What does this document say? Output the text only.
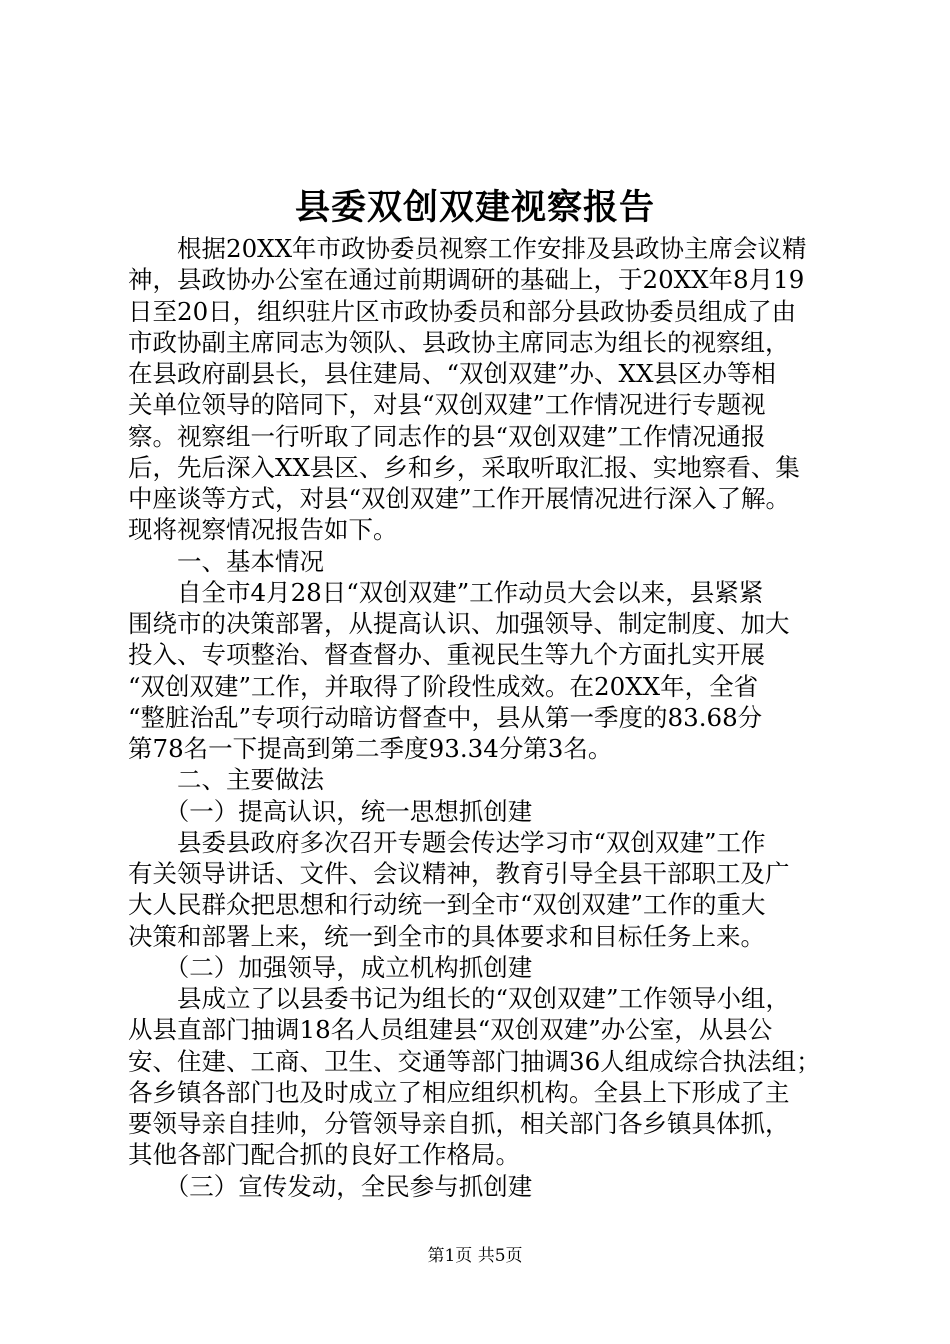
县委双创双建视察报告

　　根据20XX年市政协委员视察工作安排及县政协主席会议精

神，县政协办公室在通过前期调研的基础上，于20XX年8月19

日至20日，组织驻片区市政协委员和部分县政协委员组成了由

市政协副主席同志为领队、县政协主席同志为组长的视察组，

在县政府副县长，县住建局、“双创双建”办、XX县区办等相

关单位领导的陪同下，对县“双创双建”工作情况进行专题视

察。视察组一行听取了同志作的县“双创双建”工作情况通报

后，先后深入XX县区、乡和乡，采取听取汇报、实地察看、集

中座谈等方式，对县“双创双建”工作开展情况进行深入了解。

现将视察情况报告如下。

　　一、基本情况

　　自全市4月28日“双创双建”工作动员大会以来，县紧紧

围绕市的决策部署，从提高认识、加强领导、制定制度、加大

投入、专项整治、督查督办、重视民生等九个方面扎实开展

“双创双建”工作，并取得了阶段性成效。在20XX年，全省

“整脏治乱”专项行动暗访督查中，县从第一季度的83.68分

第78名一下提高到第二季度93.34分第3名。

　　二、主要做法

　　（一）提高认识，统一思想抓创建

　　县委县政府多次召开专题会传达学习市“双创双建”工作

有关领导讲话、文件、会议精神，教育引导全县干部职工及广

大人民群众把思想和行动统一到全市“双创双建”工作的重大

决策和部署上来，统一到全市的具体要求和目标任务上来。

　　（二）加强领导，成立机构抓创建

　　县成立了以县委书记为组长的“双创双建”工作领导小组，

从县直部门抽调18名人员组建县“双创双建”办公室，从县公

安、住建、工商、卫生、交通等部门抽调36人组成综合执法组；

各乡镇各部门也及时成立了相应组织机构。全县上下形成了主

要领导亲自挂帅，分管领导亲自抓，相关部门各乡镇具体抓，

其他各部门配合抓的良好工作格局。

　　（三）宣传发动，全民参与抓创建

第1页 共5页
